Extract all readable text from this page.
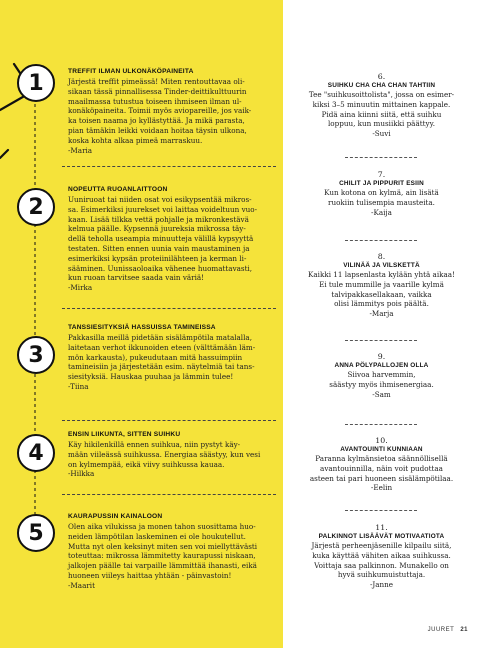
6.
SUIHKU CHA CHA CHAN TAHTIIN

Tee "suihkusoittolista", jossa on esimer-
kiksi 3–5 minuutin mittainen kappale.
Pidä aina kiinni siitä, että suihku
loppuu, kun musiikki päättyy.
-Suvi

7.
CHILIT JA PIPPURIT ESIIN

Kun kotona on kylmä, ain lisätä
ruokiin tulisempia mausteita.
-Kaija

8.
VILINÄÄ JA VILSKETTÄ

Kaikki 11 lapsenlasta kylään yhtä aikaa!
Ei tule mummille ja vaarille kylmä
talvipakkasellakaan, vaikka
olisi lämmitys pois päältä.
-Marja

9.
ANNA PÖLYPALLOJEN OLLA

Siivoa harvemmin,
säästyy myös ihmisenergiaa.
-Sam

10.
AVANTOUINTI KUNNIAAN

Paranna kylmänsietoa säännöllisellä
avantouinnilla, näin voit pudottaa
asteen tai pari huoneen sisälämpötilaa.
-Eelin

11.
PALKINNOT LISÄÄVÄT MOTIVAATIOTA

Järjestä perheenjäsenille kilpailu siitä,
kuka käyttää vähiten aikaa suihkussa.
Voittaja saa palkinnon. Munakello on
hyvä suihkumuistuttaja.
-Janne

1	TREFFIT ILMAN ULKONÄKÖPAINEITA

Järjestä treffit pimeässä! Miten rentouttavaa oli-
sikaan tässä pinnallisessa Tinder-deittikulttuurin
maailmassa tutustua toiseen ihmiseen ilman ul-
konäköpaineita. Toimii myös aviopareille, jos vaik-
ka toisen naama jo kyllästyttää. Ja mikä parasta,
pian tämäkin leikki voidaan hoitaa täysin ulkona,
koska kohta alkaa pimeä marraskuu.
-Maria

2
NOPEUTTA RUOANLAITTOON

Uuniruoat tai niiden osat voi esikypsentää mikros-
sa. Esimerkiksi juurekset voi laittaa voideltuun vuo-
kaan. Lisää tilkka vettä pohjalle ja mikronkestävä
kelmua päälle. Kypsennä juureksia mikrossa täy-
dellä teholla useampia minuutteja välillä kypsyyttä
testaten. Sitten ennen uunia vain maustaminen ja
esimerkiksi kypsän proteiinilähteen ja kerman li-
sääminen. Uunissaoloaika vähenee huomattavasti,
kun ruoan tarvitsee saada vain väriä!
-Mirka

3
TANSSIESITYKSIÄ HASSUISSA TAMINEISSA

Pakkasilla meillä pidetään sisälämpötila matalalla,
laitetaan verhot ikkunoiden eteen (välttämään läm-
mön karkausta), pukeudutaan mitä hassuimpiin
tamineisiin ja järjestetään esim. näytelmiä tai tans-
siesityksiä. Hauskaa puuhaa ja lämmin tulee!
-Tiina

4
ENSIN LIIKUNTA, SITTEN SUIHKU

Käy hikilenkillä ennen suihkua, niin pystyt käy-
mään viileässä suihkussa. Energiaa säästyy, kun vesi
on kylmempää, eikä viivy suihkussa kauaa.
-Hilkka

5
KAURAPUSSIN KAINALOON

Olen aika vilukissa ja monen tahon suosittama huo-
neiden lämpötilan laskeminen ei ole houkutellut.
Mutta nyt olen keksinyt miten sen voi miellyttävästi
toteuttaa: mikrossa lämmitetty kaurapussi niskaan,
jalkojen päälle tai varpaille lämmittää ihanasti, eikä
huoneen viileys haittaa yhtään - päinvastoin!
-Maarit

JUURET 21
